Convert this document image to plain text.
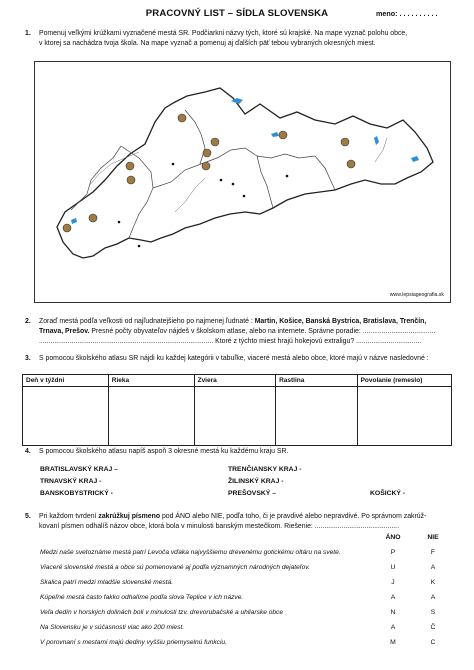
PRACOVNÝ LIST – SÍDLA SLOVENSKA	meno: . . . . . . . . . .
1. Pomenuj veľkými krúžkami vyznačené mestá SR. Podčiarkni názvy tých, ktoré sú krajské. Na mape vyznač polohu obce,
v ktorej sa nachádza tvoja škola. Na mape vyznač a pomenuj aj ďalších päť tebou vybraných okresných miest.
www.lepsiageografia.sk
2. Zoraď mestá podľa veľkosti od najľudnatejšieho po najmenej ľudnaté : Martin, Košice, Banská Bystrica, Bratislava, Trenčín,
Trnava, Prešov. Presné počty obyvateľov nájdeš v školskom atlase, alebo na internete. Správne poradie: ......................................
........................................................................................... Ktoré z týchto miest hrajú hokejovú extraligu? ..................................
3. S pomocou školského atlasu SR nájdi ku každej kategórii v tabuľke, viaceré mestá alebo obce, ktoré majú v názve nasledovné :
Deň v týždni	Rieka	Zviera	Rastlina	Povolanie (remeslo)

4. S pomocou školského atlasu napíš aspoň 3 okresné mestá ku každému kraju SR.
BRATISLAVSKÝ KRAJ –	TRENČIANSKY KRAJ -
TRNAVSKÝ KRAJ -	ŽILINSKÝ KRAJ -
BANSKOBYSTRICKÝ -	PREŠOVSKÝ –	KOŠICKÝ -
5. Pri každom tvrdení zakrúžkuj písmeno pod ÁNO alebo NIE, podľa toho, či je pravdivé alebo nepravdivé. Po správnom zakrúž-
kovaní písmen odhalíš názov obce, ktorá bola v minulosti banským mestečkom. Riešenie: ............................................
ÁNO	NIE
Medzi naše svetoznáme mestá patrí Levoča vďaka najvyššiemu drevenému gotickému oltáru na svete.	P	F
Viaceré slovenské mestá a obce sú pomenované aj podľa významných národných dejateľov.	U	A
Skalica patrí medzi mladšie slovenské mestá.	J	K
Kúpeľné mestá často fakko odhalíme podľa slova Teplice v ich názve.	A	A
Veľa dedín v horských dolinách boli v minulosti tzv. drevorubačské a uhliarske obce	N	S
Na Slovensku je v súčasnosti viac ako 200 miest.	A	Č
V porovnaní s mestami majú dediny vyššiu priemyselnú funkciu.	M	C
